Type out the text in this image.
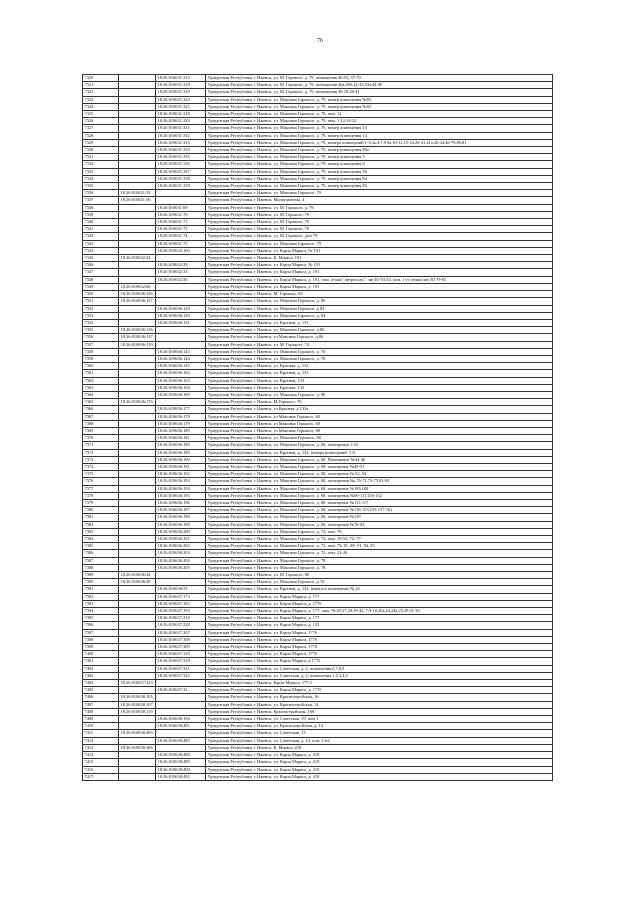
76
7320		18:26:010631:313	Удмуртская Республика, г Ижевск, ул. М. Горького, д. 79, помещения 46-55, 57-70
7321		18:26:010631:318	Удмуртская Республика, г Ижевск, ул. М. Горького, д. 79, помещения 40а,40б,42-43,43а,44-45
7322		18:26:010631:319	Удмуртская Республика, г Ижевск, ул. М. Горького, д. 79, помещения 36-38,40-41
7323		18:26:010631:324	Удмуртская Республика, г Ижевск, ул. Максима Горького, д. 79, номер помещения №83
7324		18:26:010631:325	Удмуртская Республика, г Ижевск, ул. Максима Горького, д. 79, номер помещения №82
7325		18:26:010631:328	Удмуртская Республика, г Ижевск, ул. Максима Горького, д. 79, пом. 12
7326		18:26:010631:329	Удмуртская Республика, г Ижевск, ул. Максима Горького, д. 79, пом. 1-12,14-22
7327		18:26:010631:331	Удмуртская Республика, г Ижевск, ул. Максима Горького, д. 79, номер помещения 13
7328		18:26:010631:332	Удмуртская Республика, г Ижевск, ул. Максима Горького, д. 79, номер помещения 14
7329		18:26:010631:333	Удмуртская Республика, г Ижевск, ул. Максима Горького, д. 79, номера помещений 1-3,3а,4-7,9,9а,10-12,15-24,26-41,41а,42-44,46-79,80,81
7330		18:26:010631:334	Удмуртская Республика, г Ижевск, ул. Максима Горького, д. 79, номер помещения 80а
7331		18:26:010631:335	Удмуртская Республика, г Ижевск, ул. Максима Горького, д. 79, номер помещения 5
7332		18:26:010631:336	Удмуртская Республика, г Ижевск, ул. Максима Горького, д. 79, номер помещения 6
7333		18:26:010631:337	Удмуртская Республика, г Ижевск, ул. Максима Горького, д. 79, номер помещения 56
7334		18:26:010631:338	Удмуртская Республика, г Ижевск, ул. Максима Горького, д. 79, номер помещения 84
7335		18:26:010631:339	Удмуртская Республика, г Ижевск, ул. Максима Горького, д. 79, номер помещения 83
7336	18:26:010631:52		Удмуртская Республика, г Ижевск, ул. Максима Горького, 79
7337	18:26:010631:56		Удмуртская Республика, г Ижевск, Милиционная, 4
7338		18:26:010631:69	Удмуртская Республика, г Ижевск, ул. М. Горького, д. 79
7339		18:26:010631:70	Удмуртская Республика, г Ижевск, ул. М. Горького, 79
7340		18:26:010631:71	Удмуртская Республика, г Ижевск, ул. М. Горького, 79
7341		18:26:010631:72	Удмуртская Республика, г Ижевск, ул. М. Горького, 79
7342		18:26:010631:74	Удмуртская Республика, г Ижевск, ул. М. Горького, дом 79
7343		18:26:010631:75	Удмуртская Республика, г Ижевск, ул. Максима Горького, 79
7344		18:26:010632:100	Удмуртская Республика, г Ижевск, ул. Карла Маркса, № 191
7345	18:26:010632:24		Удмуртская Республика, г Ижевск, К. Маркса, 191
7346		18:26:010632:29	Удмуртская Республика, г Ижевск, ул. Карла Маркса, № 191
7347		18:26:010632:33	Удмуртская Республика, г Ижевск, ул. Карла Маркса, д. 191
7348		18:26:010632:50	Удмуртская Республика, г Ижевск, ул. Карла Маркса, д. 191, пом. этажа "антресоль": лит Ю 53,54; пом. 1-го этажа лит Ю 79-81
7349	18:26:010632:66		Удмуртская Республика, г Ижевск, ул. Карла Маркса, д. 191
7350	18:26:010636:126		Удмуртская Республика, г Ижевск, М. Горького, 84
7351	18:26:010636:127		Удмуртская Республика, г Ижевск, ул. Максима Горького, д. 86
7352		18:26:010636:129	Удмуртская Республика, г Ижевск, ул. Максима Горького, д 84
7353		18:26:010636:130	Удмуртская Республика, г Ижевск, ул. Максима Горького, д. 84
7354		18:26:010636:131	Удмуртская Республика, г Ижевск, ул. Красная, д. 133
7355	18:26:010636:136		Удмуртская Республика, г Ижевск, ул. Максима Горького, д.86
7356	18:26:010636:137		Удмуртская Республика, г Ижевск, ул Максима Горького, д.86
7357	18:26:010636:139		Удмуртская Республика, г Ижевск, ул. М. Горького, 74
7358		18:26:010636:143	Удмуртская Республика, г Ижевск, ул. Максима Горького, д. 70
7359		18:26:010636:144	Удмуртская Республика, г Ижевск, ул. Максима Горького, д. 70
7360		18:26:010636:145	Удмуртская Республика, г Ижевск, ул. Красная, д. 133
7361		18:26:010636:162	Удмуртская Республика, г Ижевск, ул. Красная, д. 133
7362		18:26:010636:163	Удмуртская Республика, г Ижевск, ул. Красная, 133
7363		18:26:010636:164	Удмуртская Республика, г Ижевск, ул. Красная, 133
7364		18:26:010636:169	Удмуртская Республика, г Ижевск, ул. Максима Горького, д. 80
7365	18:26:010636:176		Удмуртская Республика, г Ижевск, М.Горького, 76
7366		18:26:010636:177	Удмуртская Республика, г Ижевск, ул Красная, д 133а
7367		18:26:010636:178	Удмуртская Республика, г Ижевск, ул Максима Горького, 68
7368		18:26:010636:179	Удмуртская Республика, г Ижевск, ул Максима Горького, 68
7369		18:26:010636:180	Удмуртская Республика, г Ижевск, ул Максима Горького, 68
7370		18:26:010636:181	Удмуртская Республика, г Ижевск, ул. Максима Горького, 68
7371		18:26:010636:188	Удмуртская Республика, г Ижевск, ул. Максима Горького, д. 68, помещения 1-43
7372		18:26:010636:189	Удмуртская Республика, г Ижевск, ул. Красная, д. 133, номера помещений: 1-6
7373		18:26:010636:190	Удмуртская Республика, г Ижевск, ул. Максима Горького, д. 68, Помещение №44-46
7374		18:26:010636:191	Удмуртская Республика, г Ижевск, ул. Максима Горького, д. 68, помещение №49-51
7375		18:26:010636:192	Удмуртская Республика, г Ижевск, ул. Максима Горького, д. 68, помещение № 52, 53
7376		18:26:010636:193	Удмуртская Республика, г Ижевск, ул. Максима Горького, д. 68, помещения №i 55-71,73-75,81-92
7377		18:26:010636:194	Удмуртская Республика, г Ижевск, ул. Максима Горького, д. 68, помещение №183,184
7378		18:26:010636:195	Удмуртская Республика, г Ижевск, ул. Максима Горького, д. 68, помещения №69-111,116-132
7379		18:26:010636:196	Удмуртская Республика, г Ижевск, ул. Максима Горького, д. 68, помещение №115-117
7380		18:26:010636:197	Удмуртская Республика, г Ижевск, ул. Максима Горького, д. 68, помещение №136-153,155-157-161
7381		18:26:010636:198	Удмуртская Республика, г Ижевск, ул. Максима Горького, д. 68, помещение №159
7382		18:26:010636:199	Удмуртская Республика, г Ижевск, ул. Максима Горького, д. 68, помещения №76-82
7383		18:26:010636:200	Удмуртская Республика, г Ижевск, ул. Максима Горького, д. 72, пом. 78
7384		18:26:010636:201	Удмуртская Республика, г Ижевск, ул. Максима Горького, д. 72, пом. 18-53, 72- 77
7385		18:26:010636:202	Удмуртская Республика, г Ижевск, ул. Максима Горького, д. 72, пом. 78, 81, 88- 91, 94, 95
7386		18:26:010636:203	Удмуртская Республика, г Ижевск, ул. Максима Горького, д. 72, пом. 23-26
7387		18:26:010636:204	Удмуртская Республика, г Ижевск, ул. Максима Горького, д. 78
7388		18:26:010636:205	Удмуртская Республика, г Ижевск, ул. Максима Горького, д. 78
7389	18:26:010636:44		Удмуртская Республика, г Ижевск, ул. М. Горького, 80
7390	18:26:010636:49		Удмуртская Республика, г Ижевск, ул. Максима Горького, д 70
7391		18:26:010636:53	Удмуртская Республика, г Ижевск, ул. Красная, д. 133, нежилое помещение № 24
7392		18:26:010637:173	Удмуртская Республика, г Ижевск, ул. Карла Маркса, д. 177
7393		18:26:010637:183	Удмуртская Республика, г Ижевск, ул. Карла Маркса, д. 177б
7394		18:26:010637:193	Удмуртская Республика, г Ижевск, ул. Карла Маркса, д. 177, пом. 19,20-27,29,39-42, 7,9-18,20а,24,24а,25,29,31-35
7395		18:26:010637:216	Удмуртская Республика, г Ижевск, ул. Карла Маркса, д. 177
7396		18:26:010637:228	Удмуртская Республика, г Ижевск, ул. Карла Маркса, д. 133
7397		18:26:010637:307	Удмуртская Республика, г Ижевск, ул. Карла Маркса, 177б
7398		18:26:010637:308	Удмуртская Республика, г Ижевск, ул. Карла Маркса, 177б
7399		18:26:010637:309	Удмуртская Республика, г Ижевск, ул. Карла Маркса, 177б
7400		18:26:010637:310	Удмуртская Республика, г Ижевск, ул. Карла Маркса, 177б
7401		18:26:010637:318	Удмуртская Республика, г Ижевск, ул. Карла Маркса, д 177б
7402		18:26:010637:321	Удмуртская Республика, г Ижевск, ул. Советская, д. 2, помещения 6,7,8,9
7403		18:26:010637:322	Удмуртская Республика, г Ижевск, ул. Советская, д. 2, помещения 1,2,3,4,5
7404	18:26:010637:323		Удмуртская Республика, г Ижевск, Карла Маркса, 177 б
7405		18:26:010637:33	Удмуртская Республика, г Ижевск, ул. Карла Маркса, д. 177б
7406	18:26:010638:105		Удмуртская Республика, г Ижевск, ул. Красногеройская, 16
7407	18:26:010638:107		Удмуртская Республика, г Ижевск, ул. Красногеройская, 14
7408	18:26:010638:119		Удмуртская Республика, г Ижевск, Красногеройская, 169
7409		18:26:010638:150	Удмуртская Республика, г Ижевск, ул. Советская, 19, пом 1
7410		18:26:010638:481	Удмуртская Республика, г Ижевск, ул. Красногеройская, д. 14
7411	18:26:010638:483		Удмуртская Республика, г Ижевск, ул. Советская, 13
7412		18:26:010638:485	Удмуртская Республика, г Ижевск, ул. Советская, д. 13, пом. 1-62
7413	18:26:010638:486		Удмуртская Республика, г Ижевск, К. Маркса, 218
7414		18:26:010638:488	Удмуртская Республика, г Ижевск, ул. Карла Маркса, д. 218
7415		18:26:010638:489	Удмуртская Республика, г Ижевск, ул. Карла Маркса, д. 218
7416		18:26:010638:490	Удмуртская Республика, г Ижевск, ул. Карла Маркса, д. 218
7417		18:26:010638:492	Удмуртская Республика, г Ижевск, ул. Карла Маркса, д. 218
